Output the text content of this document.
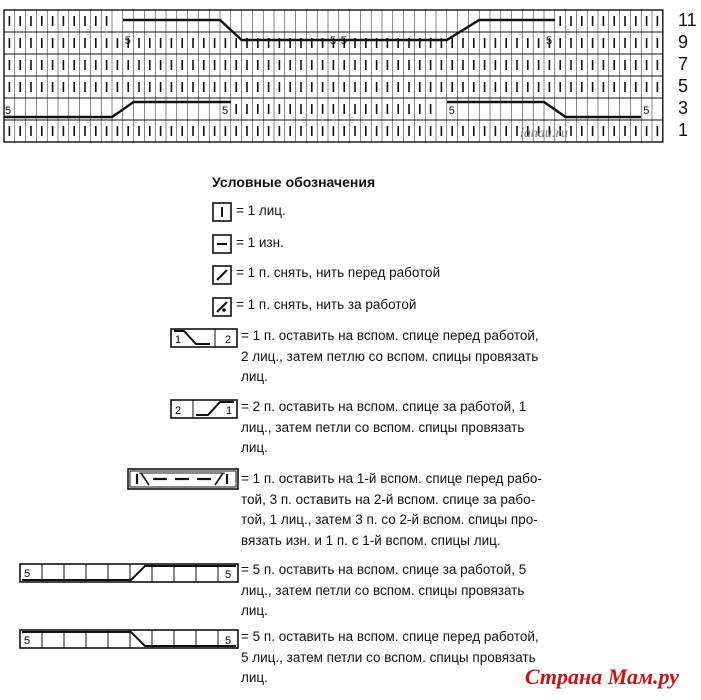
5	5 5	5
5	5	5	5
lanau.ru
11
9
7
5
3
1
Условные обозначения
= 1 лиц.
= 1 изн.
= 1 п. снять, нить перед работой
= 1 п. снять, нить за работой
1	2 = 1 п. оставить на вспом. спице перед работой,
2 лиц., затем петлю со вспом. спицы провязать
лиц.
2	1 = 2 п. оставить на вспом. спице за работой, 1
лиц., затем петли со вспом. спицы провязать
лиц.
= 1 п. оставить на 1-й вспом. спице перед рабо-
той, 3 п. оставить на 2-й вспом. спице за рабо-
той, 1 лиц., затем 3 п. со 2-й вспом. спицы про-
вязать изн. и 1 п. с 1-й вспом. спицы лиц.
5	5 = 5 п. оставить на вспом. спице за работой, 5
лиц., затем петли со вспом. спицы провязать
лиц.
5	5 = 5 п. оставить на вспом. спице перед работой,
5 лиц., затем петли со вспом. спицы провязать
лиц.	Страна Мам.ру
